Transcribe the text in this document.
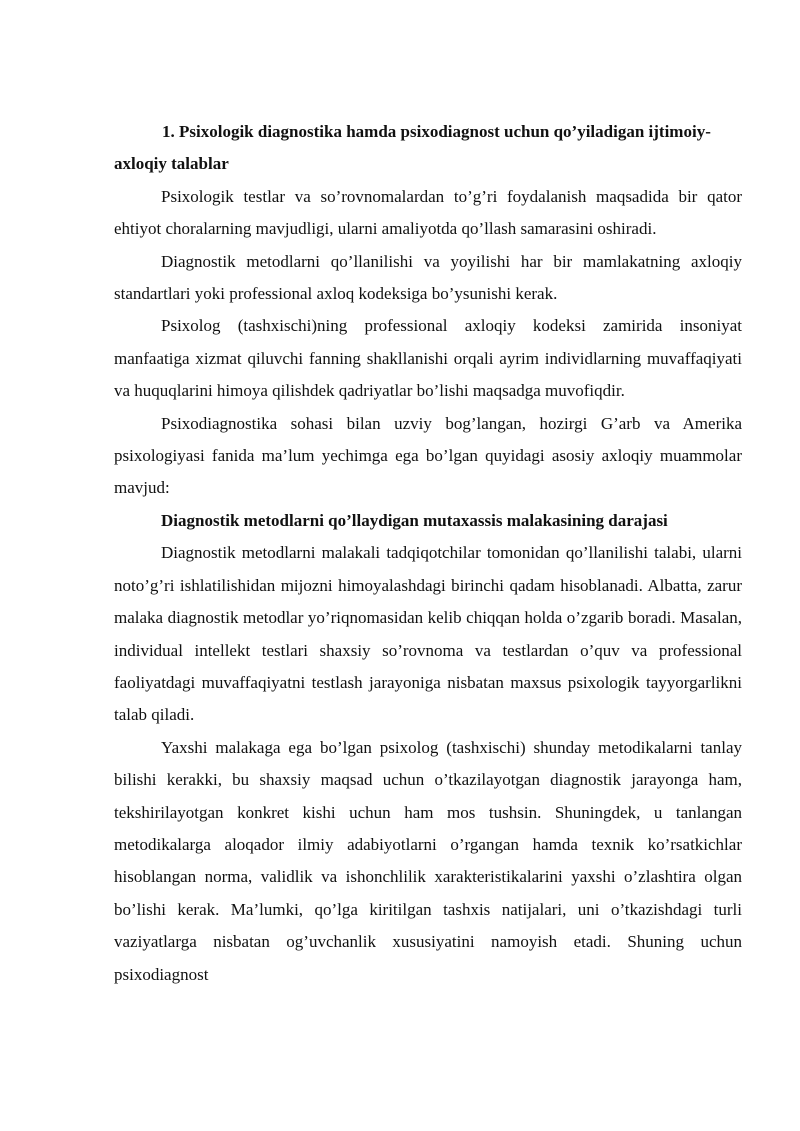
1. Psixologik diagnostika hamda psixodiagnost uchun qo’yiladigan ijtimoiy-axloqiy talablar

Psixologik testlar va so’rovnomalardan to’g’ri foydalanish maqsadida bir qator ehtiyot choralarning mavjudligi, ularni amaliyotda qo’llash samarasini oshiradi.

Diagnostik metodlarni qo’llanilishi va yoyilishi har bir mamlakatning axloqiy standartlari yoki professional axloq kodeksiga bo’ysunishi kerak.

Psixolog (tashxischi)ning professional axloqiy kodeksi zamirida insoniyat manfaatiga xizmat qiluvchi fanning shakllanishi orqali ayrim individlarning muvaffaqiyati va huquqlarini himoya qilishdek qadriyatlar bo’lishi maqsadga muvofiqdir.

Psixodiagnostika sohasi bilan uzviy bog’langan, hozirgi G’arb va Amerika psixologiyasi fanida ma’lum yechimga ega bo’lgan quyidagi asosiy axloqiy muammolar mavjud:

Diagnostik metodlarni qo’llaydigan mutaxassis malakasining darajasi

Diagnostik metodlarni malakali tadqiqotchilar tomonidan qo’llanilishi talabi, ularni noto’g’ri ishlatilishidan mijozni himoyalashdagi birinchi qadam hisoblanadi. Albatta, zarur malaka diagnostik metodlar yo’riqnomasidan kelib chiqqan holda o’zgarib boradi. Masalan, individual intellekt testlari shaxsiy so’rovnoma va testlardan o’quv va professional faoliyatdagi muvaffaqiyatni testlash jarayoniga nisbatan maxsus psixologik tayyorgarlikni talab qiladi.

Yaxshi malakaga ega bo’lgan psixolog (tashxischi) shunday metodikalarni tanlay bilishi kerakki, bu shaxsiy maqsad uchun o’tkazilayotgan diagnostik jarayonga ham, tekshirilayotgan konkret kishi uchun ham mos tushsin. Shuningdek, u tanlangan metodikalarga aloqador ilmiy adabiyotlarni o’rgangan hamda texnik ko’rsatkichlar hisoblangan norma, validlik va ishonchlilik xarakteristikalarini yaxshi o’zlashtira olgan bo’lishi kerak. Ma’lumki, qo’lga kiritilgan tashxis natijalari, uni o’tkazishdagi turli vaziyatlarga nisbatan og’uvchanlik xususiyatini namoyish etadi. Shuning uchun psixodiagnost
